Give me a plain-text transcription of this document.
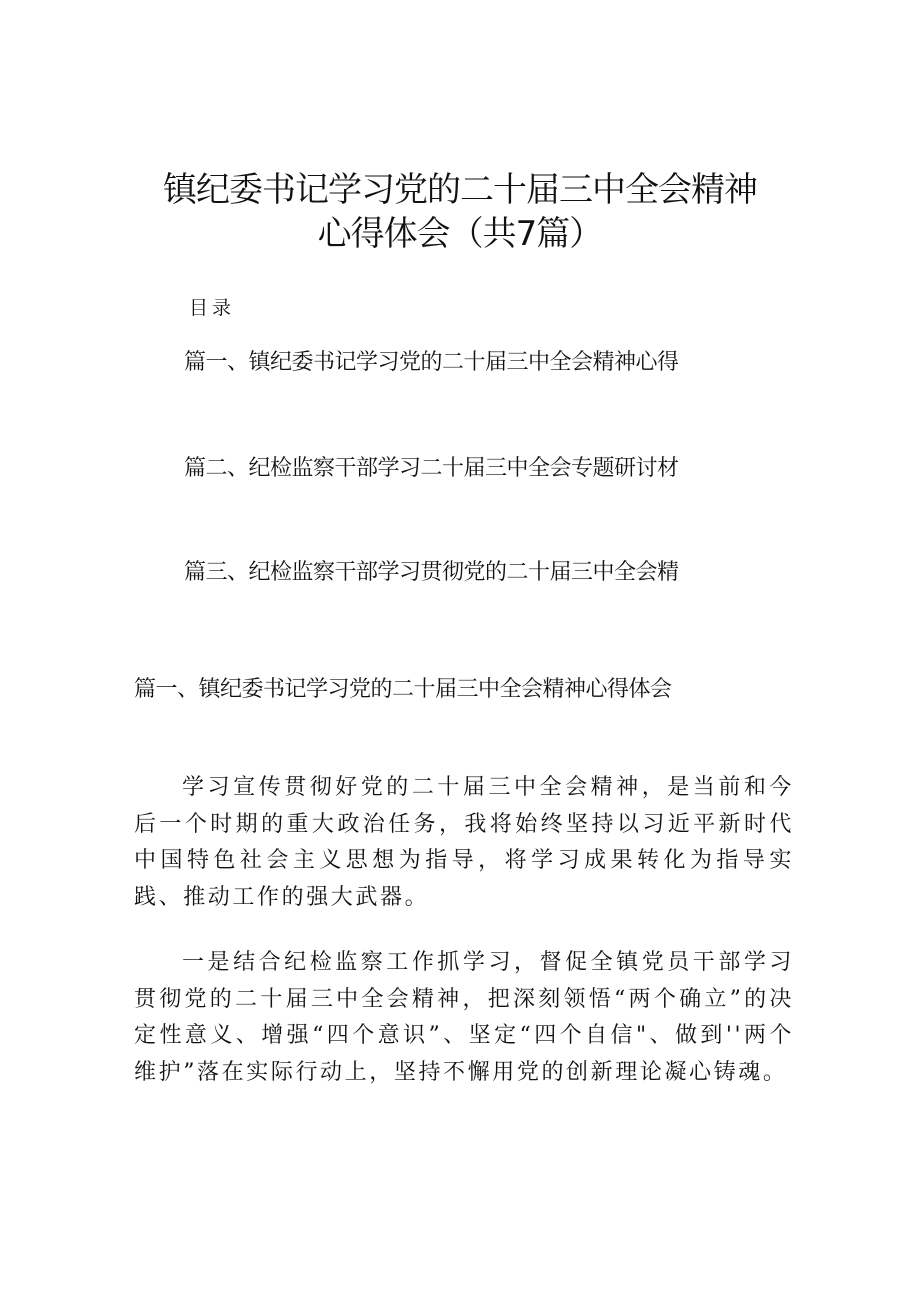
镇纪委书记学习党的二十届三中全会精神
心得体会（共7篇）
目录
篇一、镇纪委书记学习党的二十届三中全会精神心得
篇二、纪检监察干部学习二十届三中全会专题研讨材
篇三、纪检监察干部学习贯彻党的二十届三中全会精
篇一、镇纪委书记学习党的二十届三中全会精神心得体会

学习宣传贯彻好党的二十届三中全会精神，是当前和今后一个时期的重大政治任务，我将始终坚持以习近平新时代中国特色社会主义思想为指导，将学习成果转化为指导实践、推动工作的强大武器。

一是结合纪检监察工作抓学习，督促全镇党员干部学习贯彻党的二十届三中全会精神，把深刻领悟“两个确立”的决定性意义、增强“四个意识”、坚定“四个自信"、做到''两个维护”落在实际行动上，坚持不懈用党的创新理论凝心铸魂。
